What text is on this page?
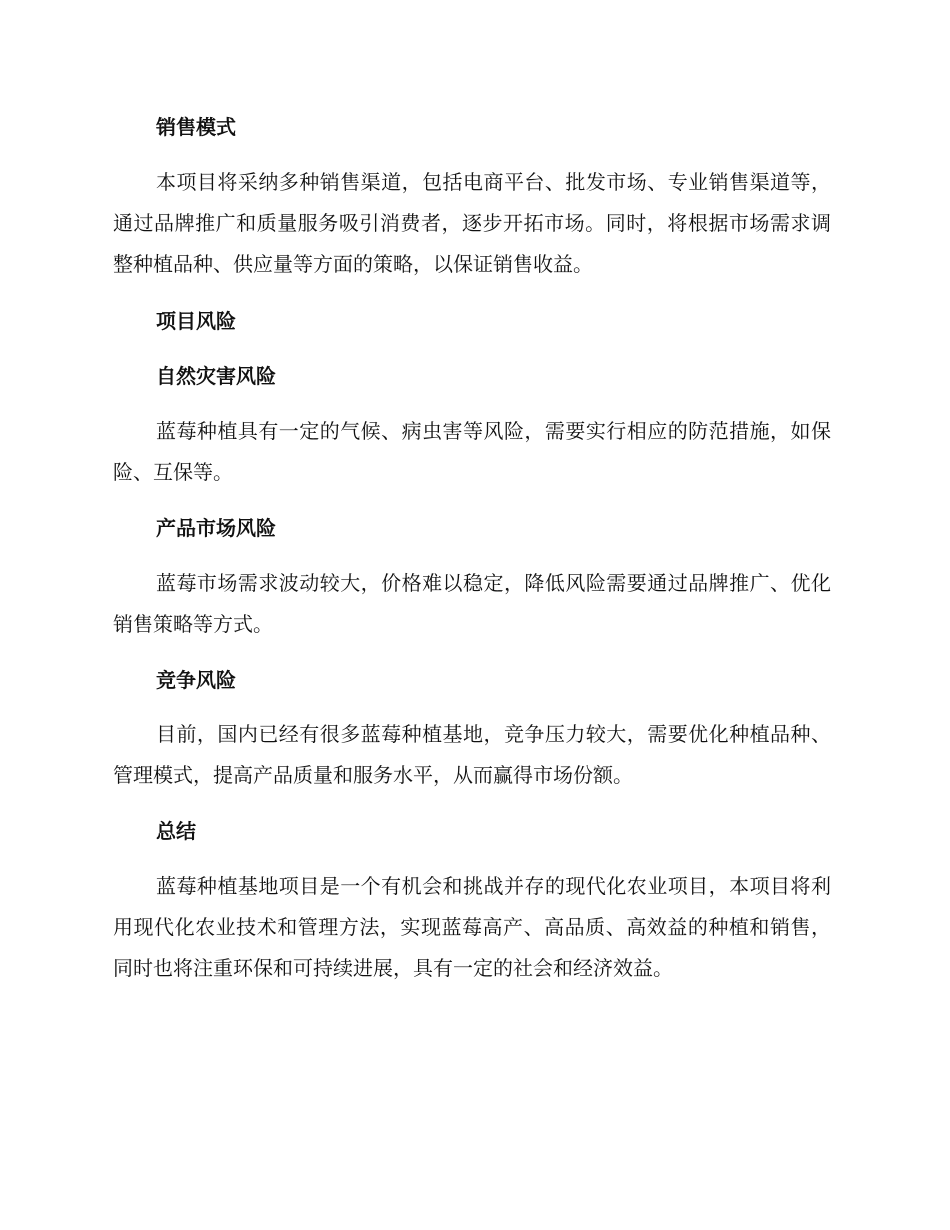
销售模式

本项目将采纳多种销售渠道，包括电商平台、批发市场、专业销售渠道等，通过品牌推广和质量服务吸引消费者，逐步开拓市场。同时，将根据市场需求调整种植品种、供应量等方面的策略，以保证销售收益。

项目风险
自然灾害风险

蓝莓种植具有一定的气候、病虫害等风险，需要实行相应的防范措施，如保险、互保等。

产品市场风险

蓝莓市场需求波动较大，价格难以稳定，降低风险需要通过品牌推广、优化销售策略等方式。

竞争风险

目前，国内已经有很多蓝莓种植基地，竞争压力较大，需要优化种植品种、管理模式，提高产品质量和服务水平，从而赢得市场份额。

总结

蓝莓种植基地项目是一个有机会和挑战并存的现代化农业项目，本项目将利用现代化农业技术和管理方法，实现蓝莓高产、高品质、高效益的种植和销售，同时也将注重环保和可持续进展，具有一定的社会和经济效益。
